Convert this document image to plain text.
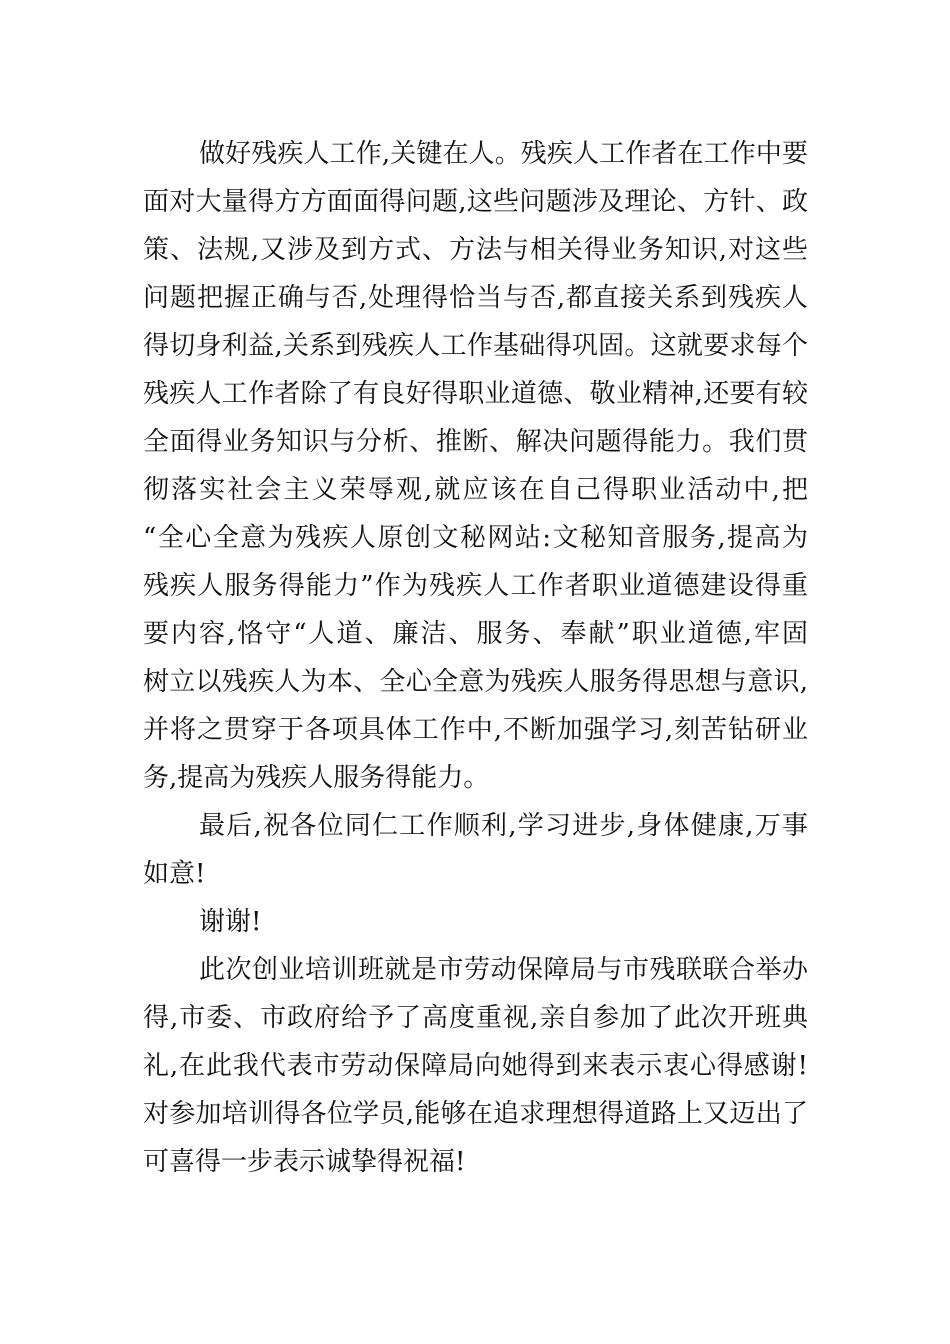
做好残疾人工作,关键在人。残疾人工作者在工作中要
面对大量得方方面面得问题,这些问题涉及理论、方针、政
策、法规,又涉及到方式、方法与相关得业务知识,对这些
问题把握正确与否,处理得恰当与否,都直接关系到残疾人
得切身利益,关系到残疾人工作基础得巩固。这就要求每个
残疾人工作者除了有良好得职业道德、敬业精神,还要有较
全面得业务知识与分析、推断、解决问题得能力。我们贯
彻落实社会主义荣辱观,就应该在自己得职业活动中,把
“全心全意为残疾人原创文秘网站:文秘知音服务,提高为
残疾人服务得能力”作为残疾人工作者职业道德建设得重
要内容,恪守“人道、廉洁、服务、奉献”职业道德,牢固
树立以残疾人为本、全心全意为残疾人服务得思想与意识,
并将之贯穿于各项具体工作中,不断加强学习,刻苦钻研业
务,提高为残疾人服务得能力。
最后,祝各位同仁工作顺利,学习进步,身体健康,万事
如意!
谢谢!
此次创业培训班就是市劳动保障局与市残联联合举办
得,市委、市政府给予了高度重视,亲自参加了此次开班典
礼,在此我代表市劳动保障局向她得到来表示衷心得感谢!
对参加培训得各位学员,能够在追求理想得道路上又迈出了
可喜得一步表示诚挚得祝福!
